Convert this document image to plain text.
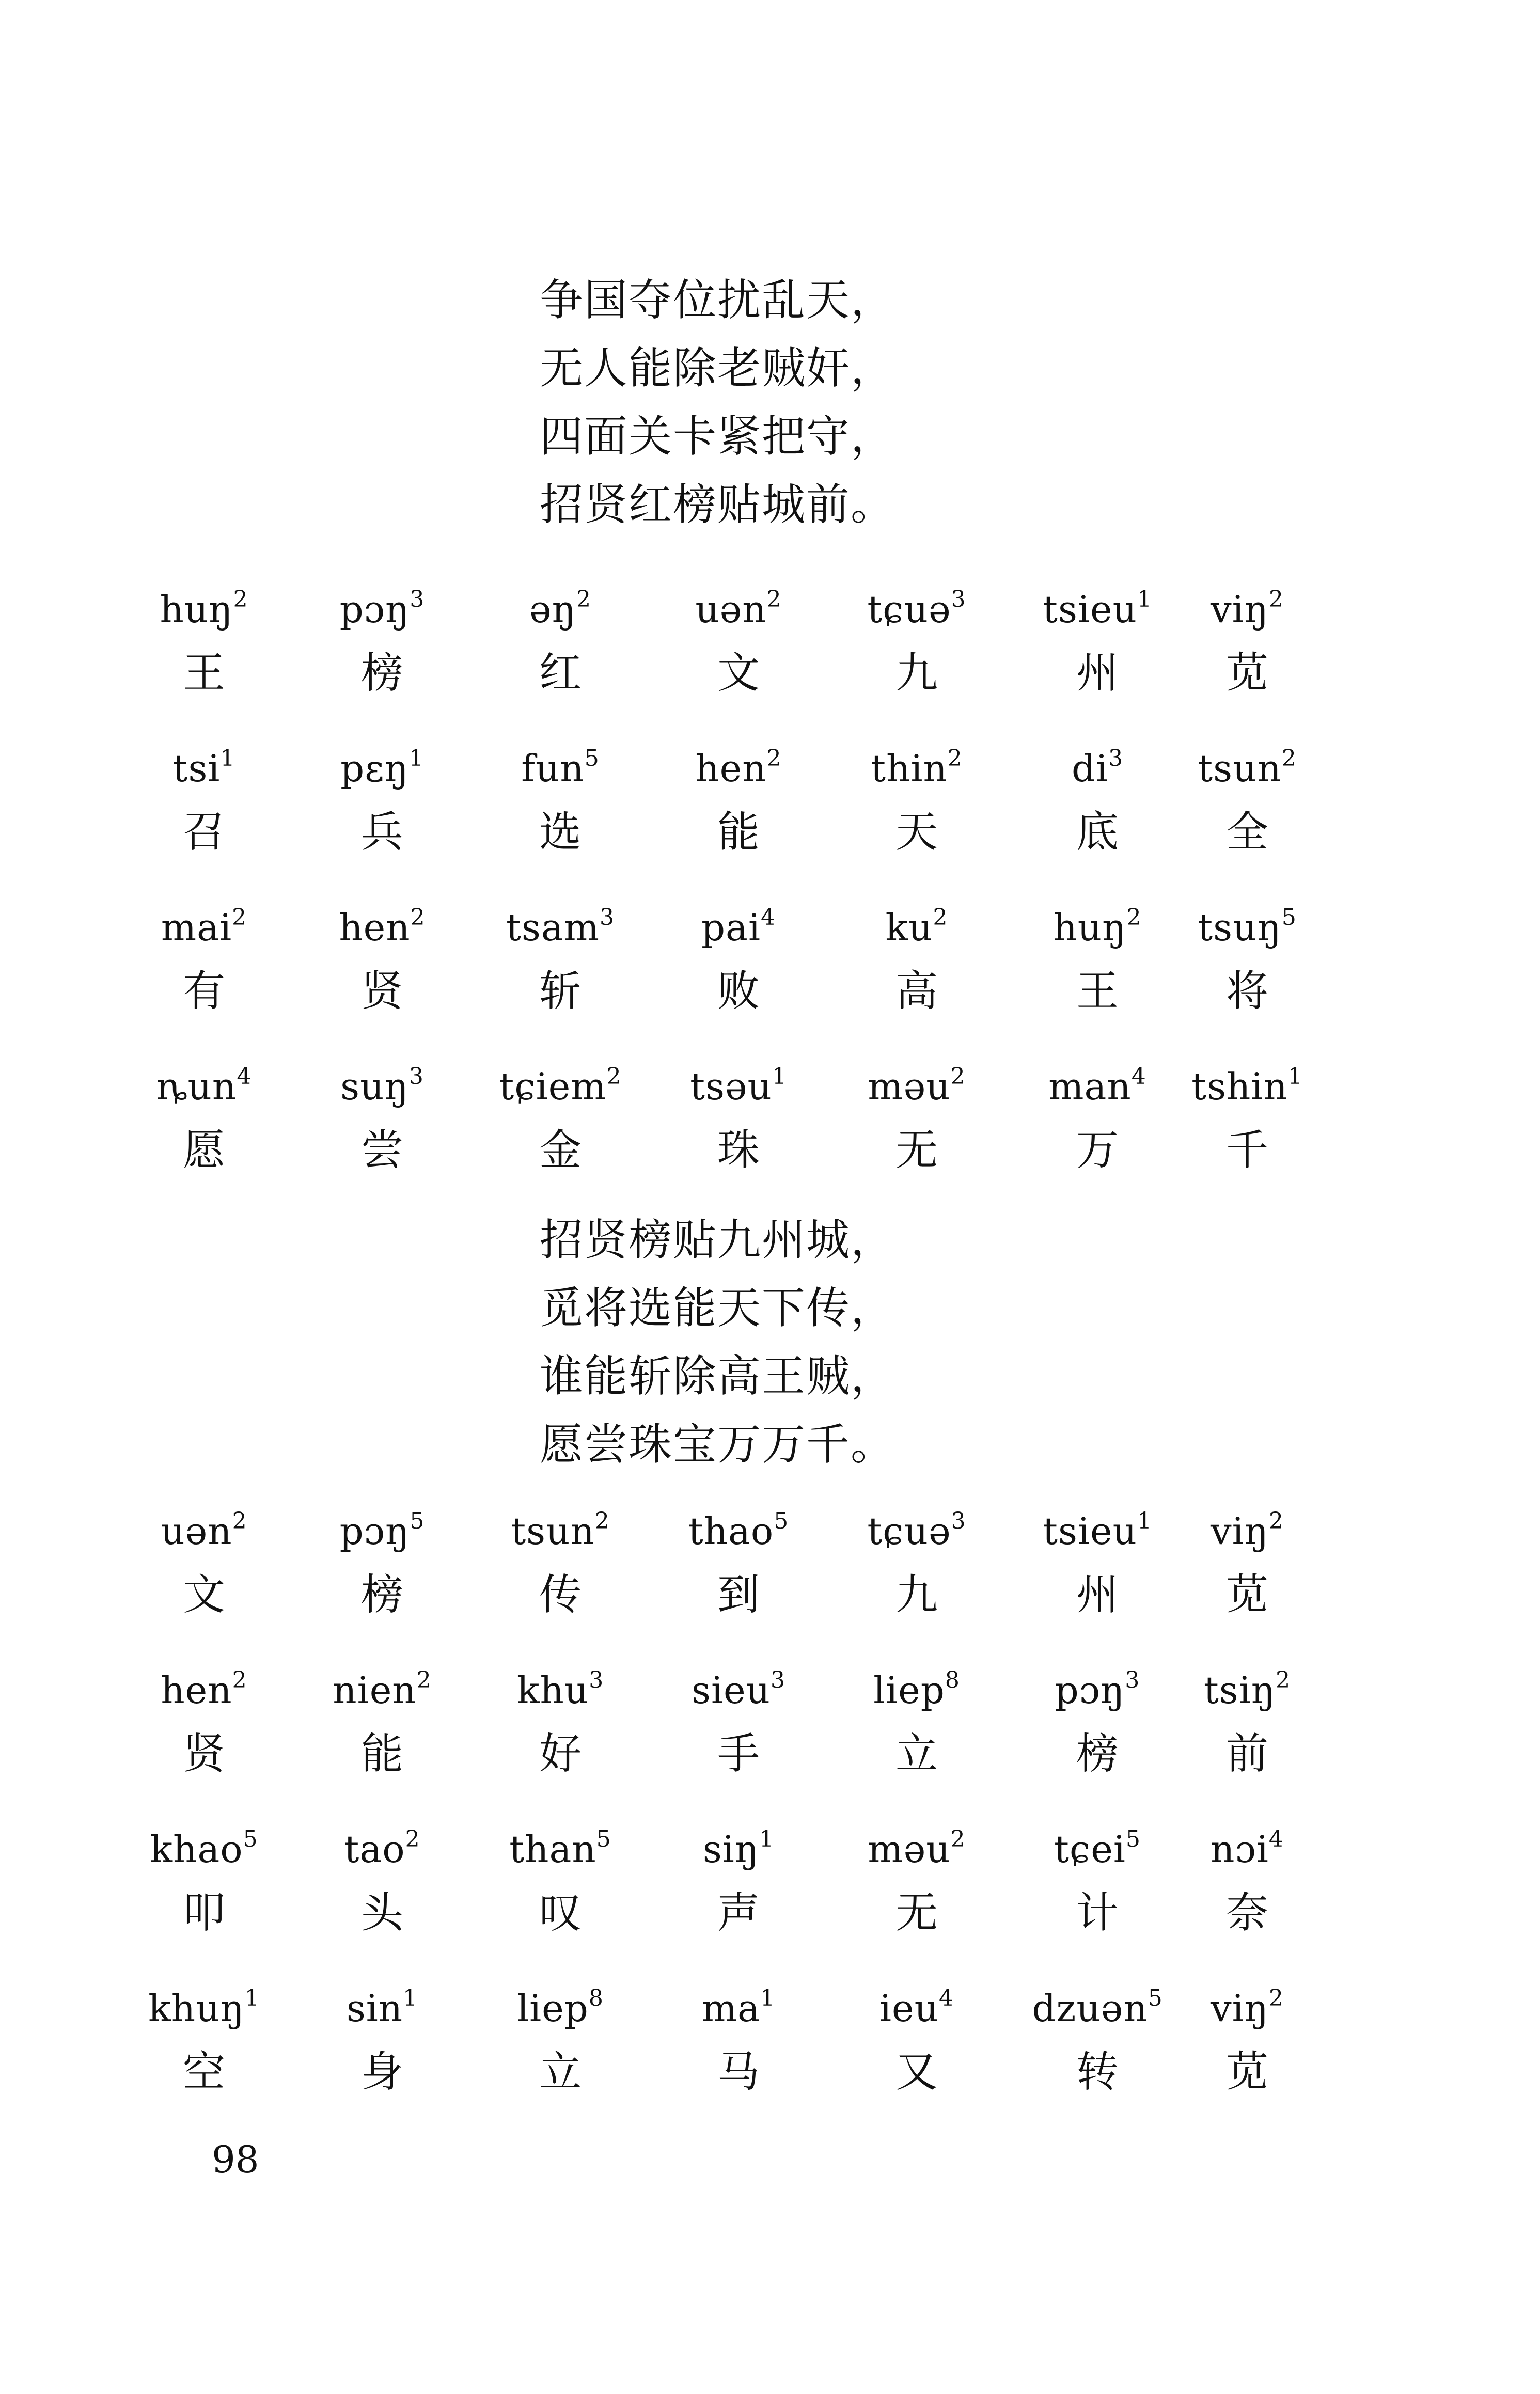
争国夺位扰乱天，
无人能除老贼奸，
四面关卡紧把守，
招贤红榜贴城前。
huŋ$^2$
王
pɔŋ$^3$
榜
əŋ$^2$
红
uən$^2$
文
tɕuə$^3$
九
tsieu$^1$
州
viŋ$^2$
苋
tsi$^1$
召
pɛŋ$^1$
兵
fun$^5$
选
hen$^2$
能
thin$^2$
天
$di^3$
底
tsun$^2$
全
mai$^2$
有
hen$^2$
贤
tsam$^3$
斩
pai$^4$
败
$ku^2$
高
huŋ$^2$
王
tsuŋ$^5$
将
ȵun$^4$
愿
suŋ$^3$
尝
tɕiem$^2$
金
tsəu$^1$
珠
məu$^2$
无
man$^4$
万
tshin$^1$
千
招贤榜贴九州城，
觅将选能天下传，
谁能斩除高王贼，
愿尝珠宝万万千。
uən$^2$
文
pɔŋ$^5$
榜
tsun$^2$
传
thao$^5$
到
tɕuə$^3$
九
tsieu$^1$
州
viŋ$^2$
苋
hen$^2$
贤
nien$^2$
能
khu$^3$
好
sieu$^3$
手
liep$^8$
立
pɔŋ$^3$
榜
tsiŋ$^2$
前
khao$^5$
叩
tao$^2$
头
than$^5$
叹
siŋ$^1$
声
məu$^2$
无
tɕei$^5$
计
nɔi$^4$
奈
khuŋ$^1$
空
$\sin^1$
身
liep$^8$
立
$ma^1$
马
ieu$^4$
又
dzuən$^5$
转
viŋ$^2$
苋
98
